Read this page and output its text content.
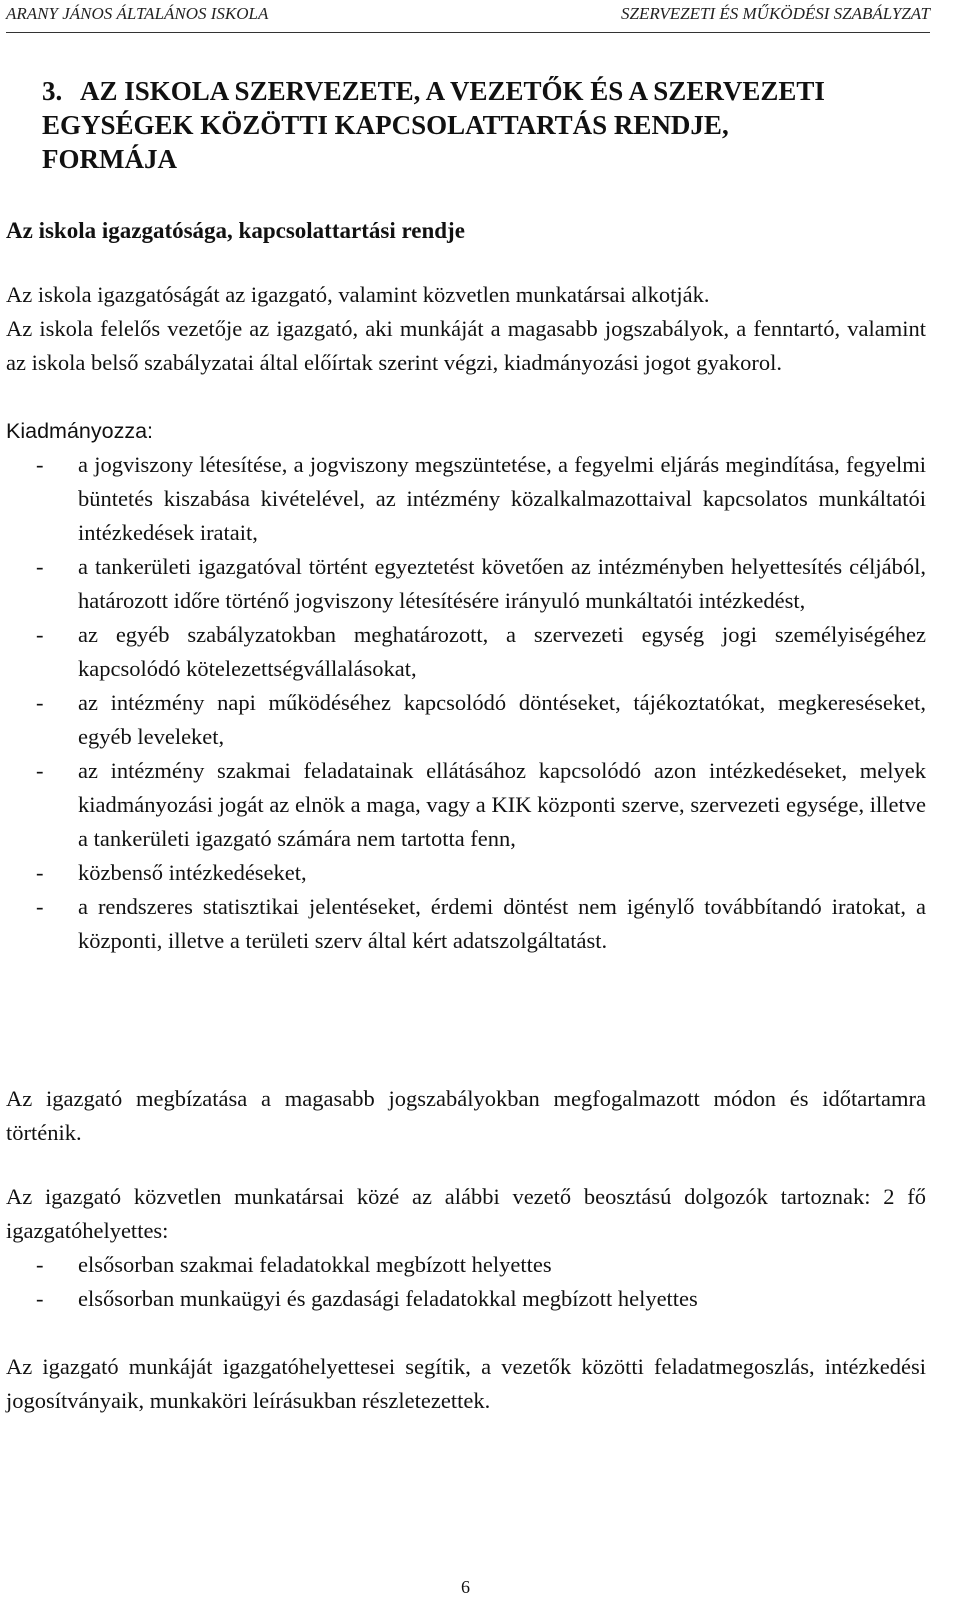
ARANY JÁNOS ÁLTALÁNOS ISKOLA	SZERVEZETI ÉS MŰKÖDÉSI SZABÁLYZAT
3. AZ ISKOLA SZERVEZETE, A VEZETŐK ÉS A SZERVEZETI
EGYSÉGEK KÖZÖTTI KAPCSOLATTARTÁS RENDJE,
FORMÁJA
Az iskola igazgatósága, kapcsolattartási rendje

Az iskola igazgatóságát az igazgató, valamint közvetlen munkatársai alkotják.

Az iskola felelős vezetője az igazgató, aki munkáját a magasabb jogszabályok, a fenntartó, valamint az iskola belső szabályzatai által előírtak szerint végzi, kiadmányozási jogot gyakorol.

Kiadmányozza:

- a jogviszony létesítése, a jogviszony megszüntetése, a fegyelmi eljárás megindítása, fegyelmi büntetés kiszabása kivételével, az intézmény közalkalmazottaival kapcsolatos munkáltatói intézkedések iratait,
- a tankerületi igazgatóval történt egyeztetést követően az intézményben helyettesítés céljából, határozott időre történő jogviszony létesítésére irányuló munkáltatói intézkedést,
- az egyéb szabályzatokban meghatározott, a szervezeti egység jogi személyiségéhez kapcsolódó kötelezettségvállalásokat,
- az intézmény napi működéséhez kapcsolódó döntéseket, tájékoztatókat, megkereséseket, egyéb leveleket,
- az intézmény szakmai feladatainak ellátásához kapcsolódó azon intézkedéseket, melyek kiadmányozási jogát az elnök a maga, vagy a KIK központi szerve, szervezeti egysége, illetve a tankerületi igazgató számára nem tartotta fenn,
- közbenső intézkedéseket,
- a rendszeres statisztikai jelentéseket, érdemi döntést nem igénylő továbbítandó iratokat, a központi, illetve a területi szerv által kért adatszolgáltatást.

Az igazgató megbízatása a magasabb jogszabályokban megfogalmazott módon és időtartamra történik.

Az igazgató közvetlen munkatársai közé az alábbi vezető beosztású dolgozók tartoznak: 2 fő igazgatóhelyettes:

- elsősorban szakmai feladatokkal megbízott helyettes
- elsősorban munkaügyi és gazdasági feladatokkal megbízott helyettes

Az igazgató munkáját igazgatóhelyettesei segítik, a vezetők közötti feladatmegoszlás, intézkedési jogosítványaik, munkaköri leírásukban részletezettek.

6
